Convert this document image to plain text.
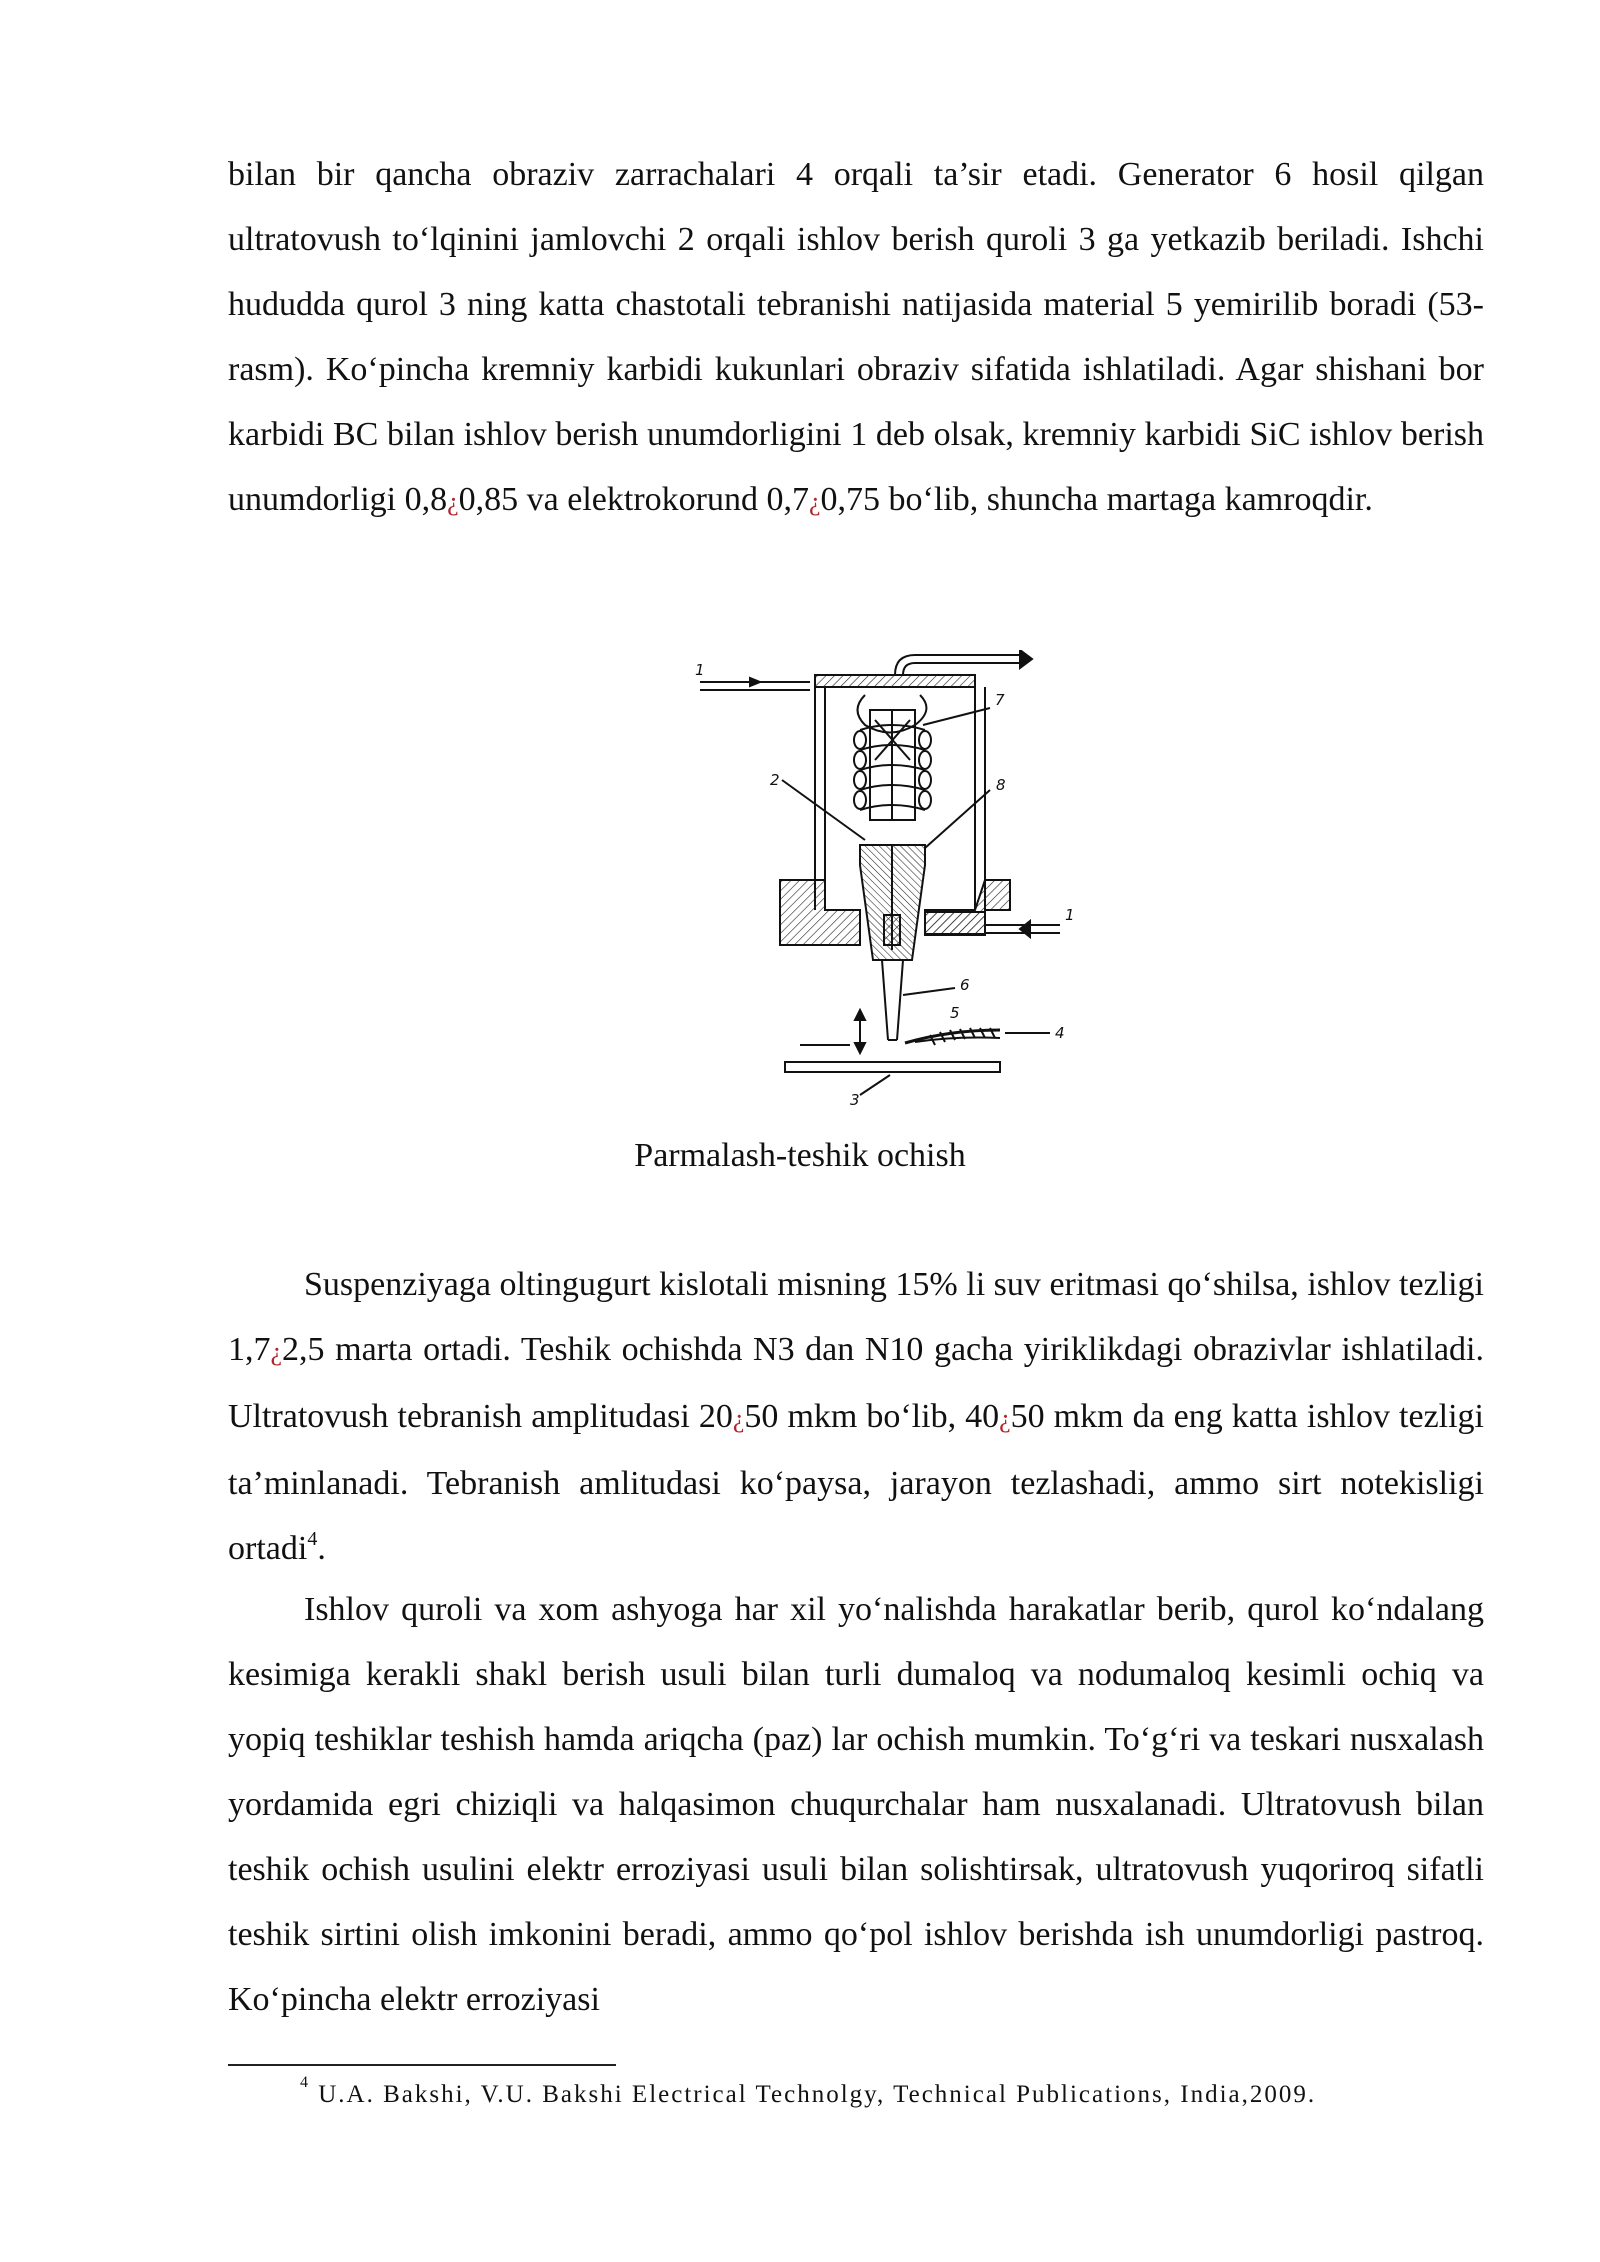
bilan bir qancha obraziv zarrachalari 4 orqali ta’sir etadi. Generator 6 hosil qilgan ultratovush to‘lqinini jamlovchi 2 orqali ishlov berish quroli 3 ga yetkazib beriladi. Ishchi hududda qurol 3 ning katta chastotali tebranishi natijasida material 5 yemirilib boradi (53-rasm). Ko‘pincha kremniy karbidi kukunlari obraziv sifatida ishlatiladi. Agar shishani bor karbidi BC bilan ishlov berish unumdorligini 1 deb olsak, kremniy karbidi SiC ishlov berish unumdorligi 0,8¿0,85 va elektrokorund 0,7¿0,75 bo‘lib, shuncha martaga kamroqdir.

1
7
2	8
1
6
5
4
3
Parmalash-teshik ochish

Suspenziyaga oltingugurt kislotali misning 15% li suv eritmasi qo‘shilsa, ishlov tezligi 1,7¿2,5 marta ortadi. Teshik ochishda N3 dan N10 gacha yiriklikdagi obrazivlar ishlatiladi. Ultratovush tebranish amplitudasi 20¿50 mkm bo‘lib, 40¿50 mkm da eng katta ishlov tezligi ta’minlanadi. Tebranish amlitudasi ko‘paysa, jarayon tezlashadi, ammo sirt notekisligi ortadi$^4$.

Ishlov quroli va xom ashyoga har xil yo‘nalishda harakatlar berib, qurol ko‘ndalang kesimiga kerakli shakl berish usuli bilan turli dumaloq va nodumaloq kesimli ochiq va yopiq teshiklar teshish hamda ariqcha (paz) lar ochish mumkin. To‘g‘ri va teskari nusxalash yordamida egri chiziqli va halqasimon chuqurchalar ham nusxalanadi. Ultratovush bilan teshik ochish usulini elektr erroziyasi usuli bilan solishtirsak, ultratovush yuqoriroq sifatli teshik sirtini olish imkonini beradi, ammo qo‘pol ishlov berishda ish unumdorligi pastroq. Ko‘pincha elektr erroziyasi

$^4$ U.A. Bakshi, V.U. Bakshi Electrical Technolgy, Technical Publications, India,2009.
